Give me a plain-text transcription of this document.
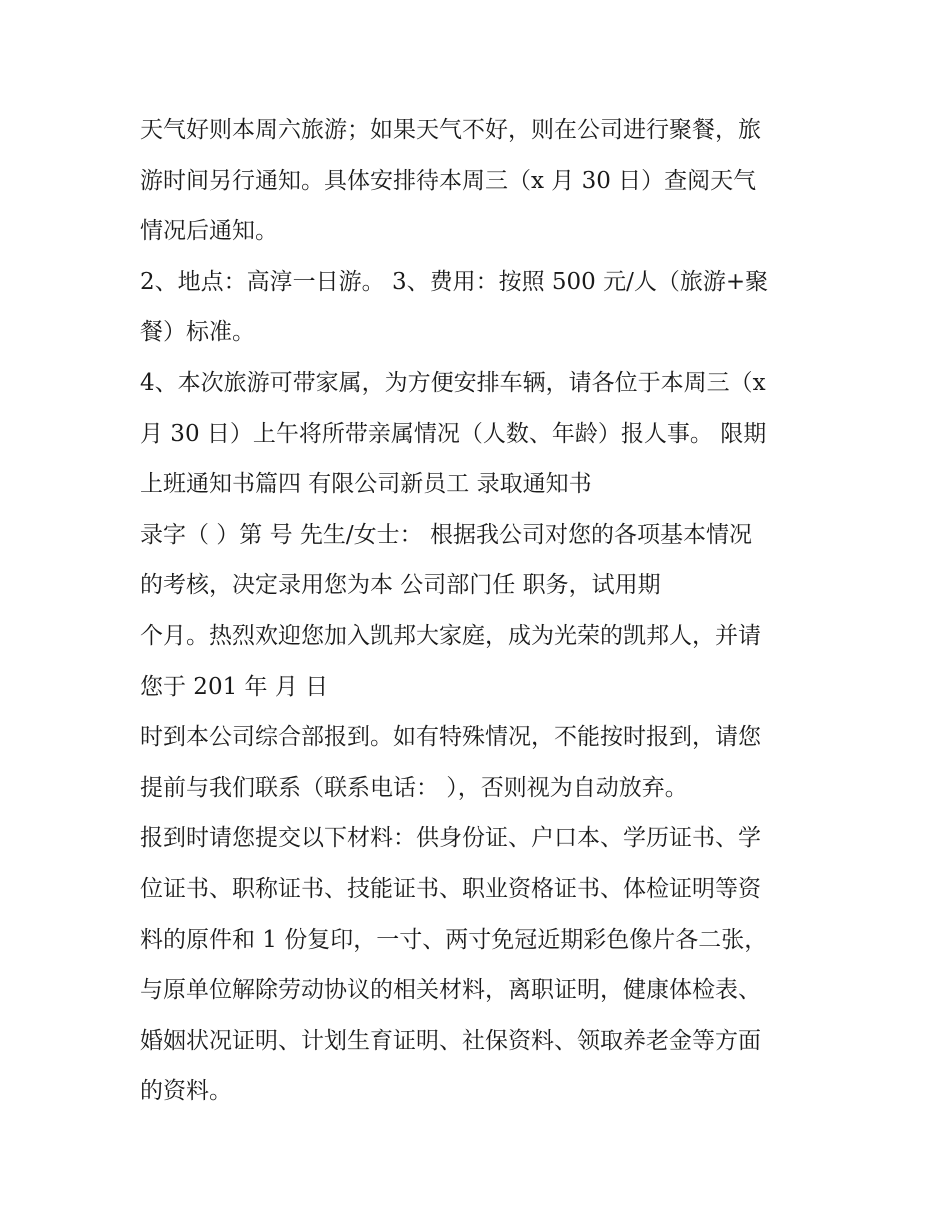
天气好则本周六旅游；如果天气不好，则在公司进行聚餐，旅
游时间另行通知。具体安排待本周三（x 月 30 日）查阅天气
情况后通知。
2、地点：高淳一日游。 3、费用：按照 500 元/人（旅游+聚
餐）标准。
4、本次旅游可带家属，为方便安排车辆，请各位于本周三（x
月 30 日）上午将所带亲属情况（人数、年龄）报人事。 限期
上班通知书篇四 有限公司新员工 录取通知书
录字（ ）第 号 先生/女士： 根据我公司对您的各项基本情况
的考核，决定录用您为本 公司部门任 职务，试用期
个月。热烈欢迎您加入凯邦大家庭，成为光荣的凯邦人，并请
您于 201 年 月 日
时到本公司综合部报到。如有特殊情况，不能按时报到，请您
提前与我们联系（联系电话： ），否则视为自动放弃。
报到时请您提交以下材料：供身份证、户口本、学历证书、学
位证书、职称证书、技能证书、职业资格证书、体检证明等资
料的原件和 1 份复印，一寸、两寸免冠近期彩色像片各二张，
与原单位解除劳动协议的相关材料，离职证明，健康体检表、
婚姻状况证明、计划生育证明、社保资料、领取养老金等方面
的资料。
